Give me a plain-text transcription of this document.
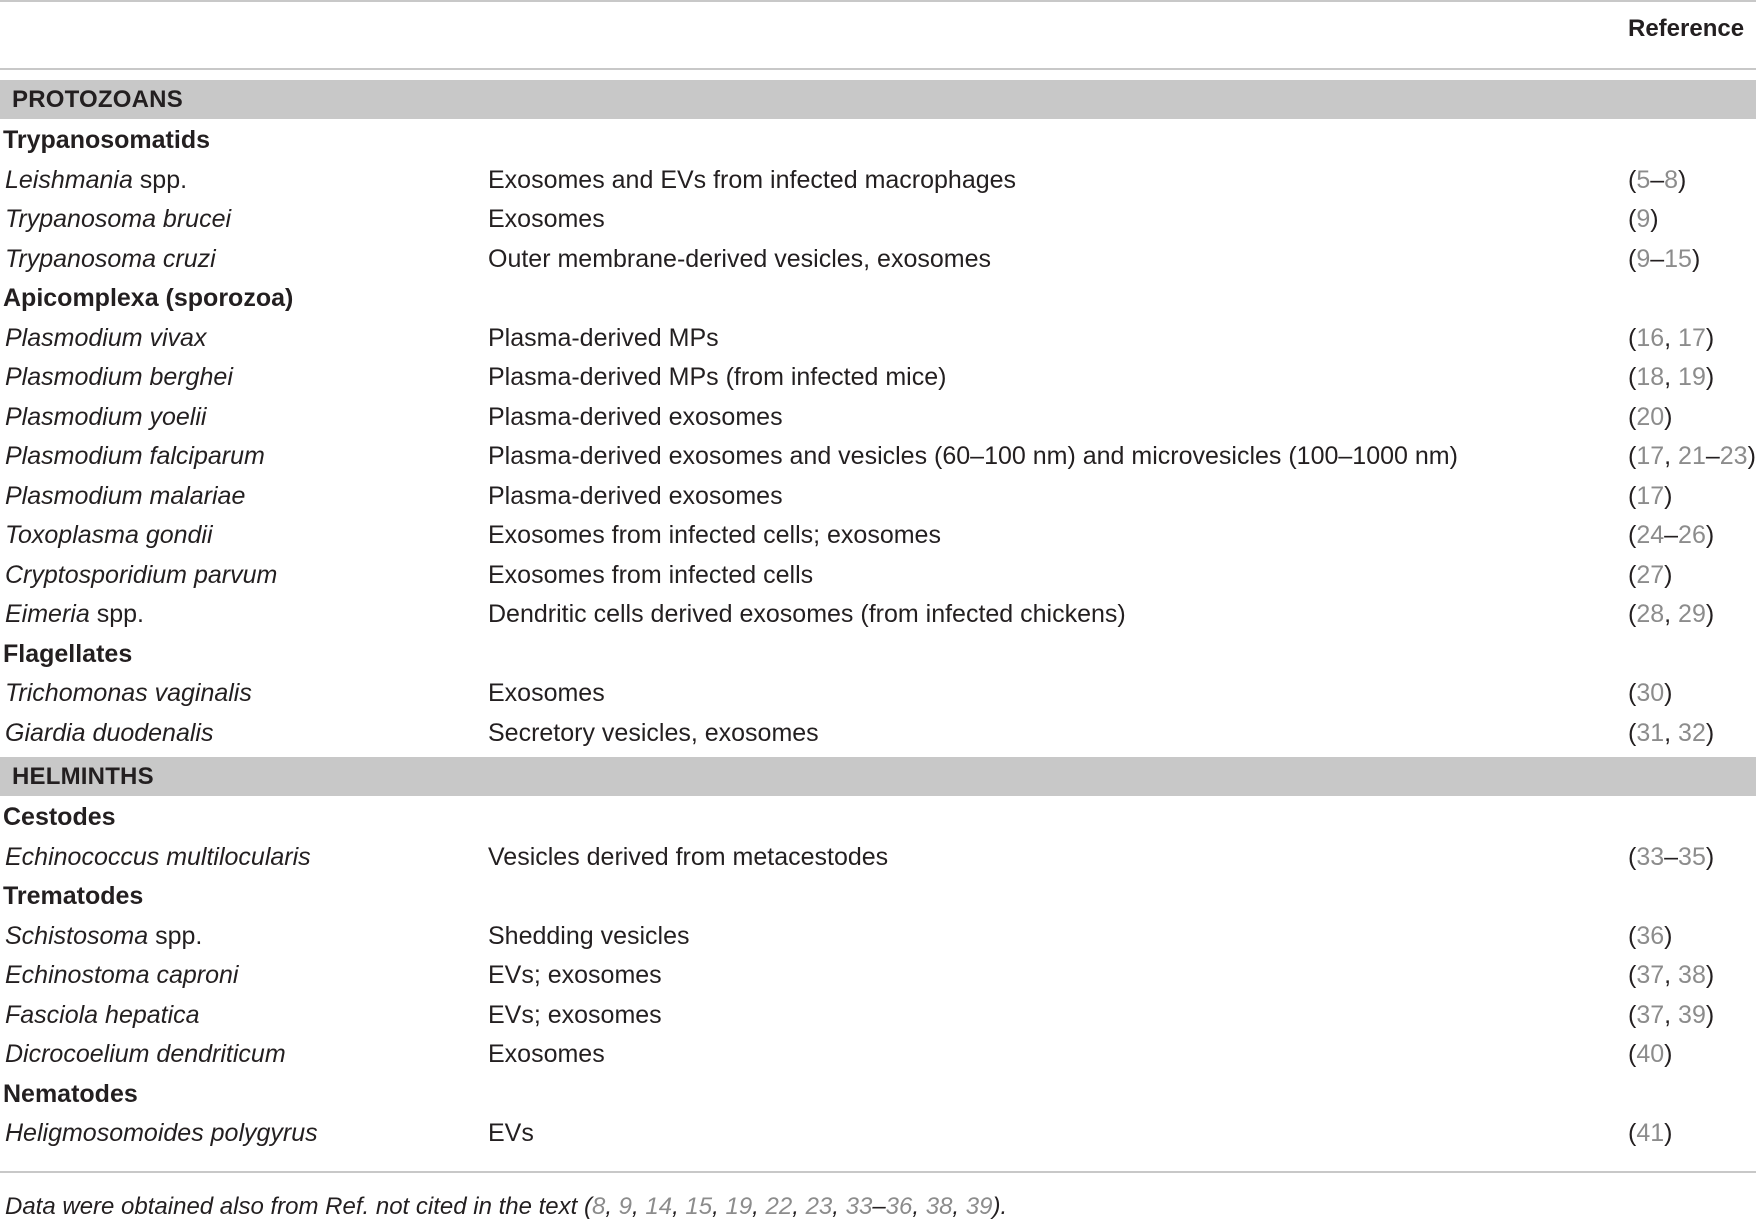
Reference
PROTOZOANS
Trypanosomatids
Leishmania spp.	Exosomes and EVs from infected macrophages	(5–8)
Trypanosoma brucei	Exosomes	(9)
Trypanosoma cruzi	Outer membrane-derived vesicles, exosomes	(9–15)
Apicomplexa (sporozoa)
Plasmodium vivax	Plasma-derived MPs	(16, 17)
Plasmodium berghei	Plasma-derived MPs (from infected mice)	(18, 19)
Plasmodium yoelii	Plasma-derived exosomes	(20)
Plasmodium falciparum	Plasma-derived exosomes and vesicles (60–100 nm) and microvesicles (100–1000 nm)	(17, 21–23)
Plasmodium malariae	Plasma-derived exosomes	(17)
Toxoplasma gondii	Exosomes from infected cells; exosomes	(24–26)
Cryptosporidium parvum	Exosomes from infected cells	(27)
Eimeria spp.	Dendritic cells derived exosomes (from infected chickens)	(28, 29)
Flagellates
Trichomonas vaginalis	Exosomes	(30)
Giardia duodenalis	Secretory vesicles, exosomes	(31, 32)
HELMINTHS
Cestodes
Echinococcus multilocularis	Vesicles derived from metacestodes	(33–35)
Trematodes
Schistosoma spp.	Shedding vesicles	(36)
Echinostoma caproni	EVs; exosomes	(37, 38)
Fasciola hepatica	EVs; exosomes	(37, 39)
Dicrocoelium dendriticum	Exosomes	(40)
Nematodes
Heligmosomoides polygyrus	EVs	(41)
Data were obtained also from Ref. not cited in the text (8, 9, 14, 15, 19, 22, 23, 33–36, 38, 39).
